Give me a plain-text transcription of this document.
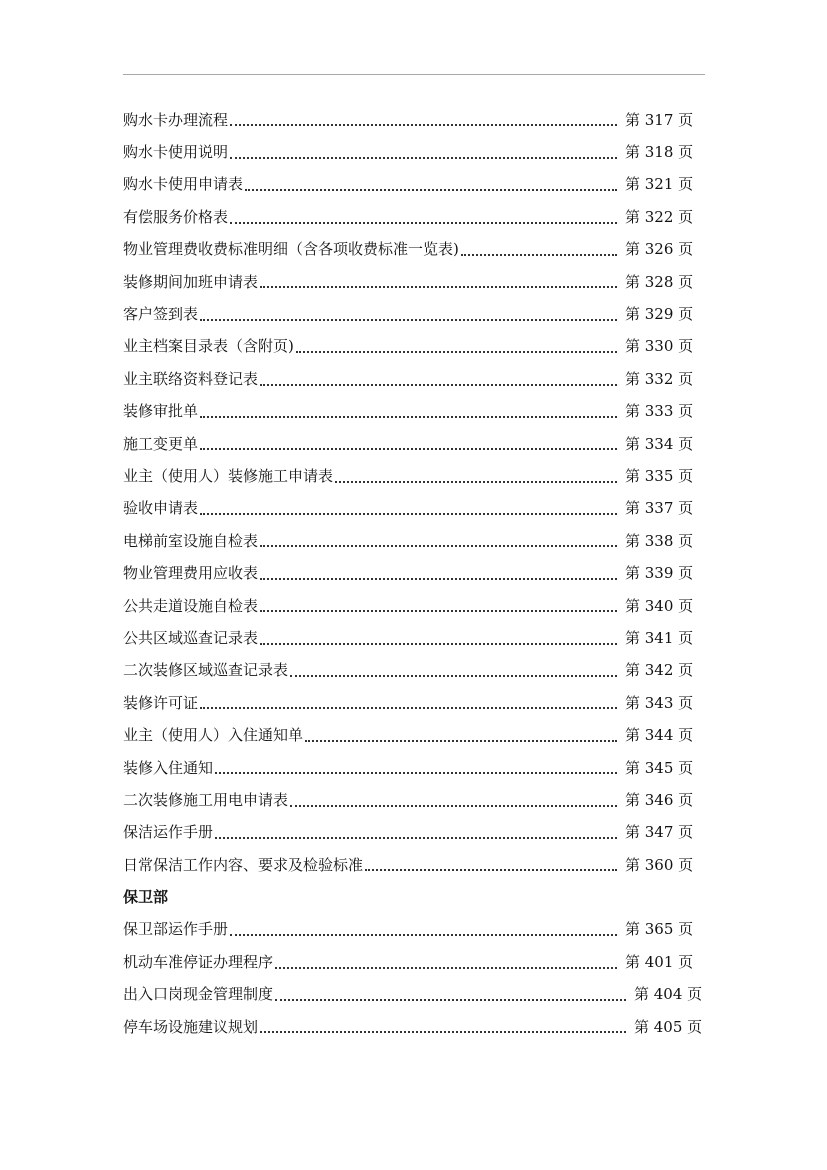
购水卡办理流程	第 317 页
购水卡使用说明	第 318 页
购水卡使用申请表	第 321 页
有偿服务价格表	第 322 页
物业管理费收费标准明细（含各项收费标准一览表)	第 326 页
装修期间加班申请表	第 328 页
客户签到表	第 329 页
业主档案目录表（含附页)	第 330 页
业主联络资料登记表	第 332 页
装修审批单	第 333 页
施工变更单	第 334 页
业主（使用人）装修施工申请表	第 335 页
验收申请表	第 337 页
电梯前室设施自检表	第 338 页
物业管理费用应收表	第 339 页
公共走道设施自检表	第 340 页
公共区域巡查记录表	第 341 页
二次装修区域巡查记录表	第 342 页
装修许可证	第 343 页
业主（使用人）入住通知单	第 344 页
装修入住通知	第 345 页
二次装修施工用电申请表	第 346 页
保洁运作手册	第 347 页
日常保洁工作内容、要求及检验标准	第 360 页
保卫部
保卫部运作手册	第 365 页
机动车准停证办理程序	第 401 页
出入口岗现金管理制度	第 404 页
停车场设施建议规划	第 405 页
